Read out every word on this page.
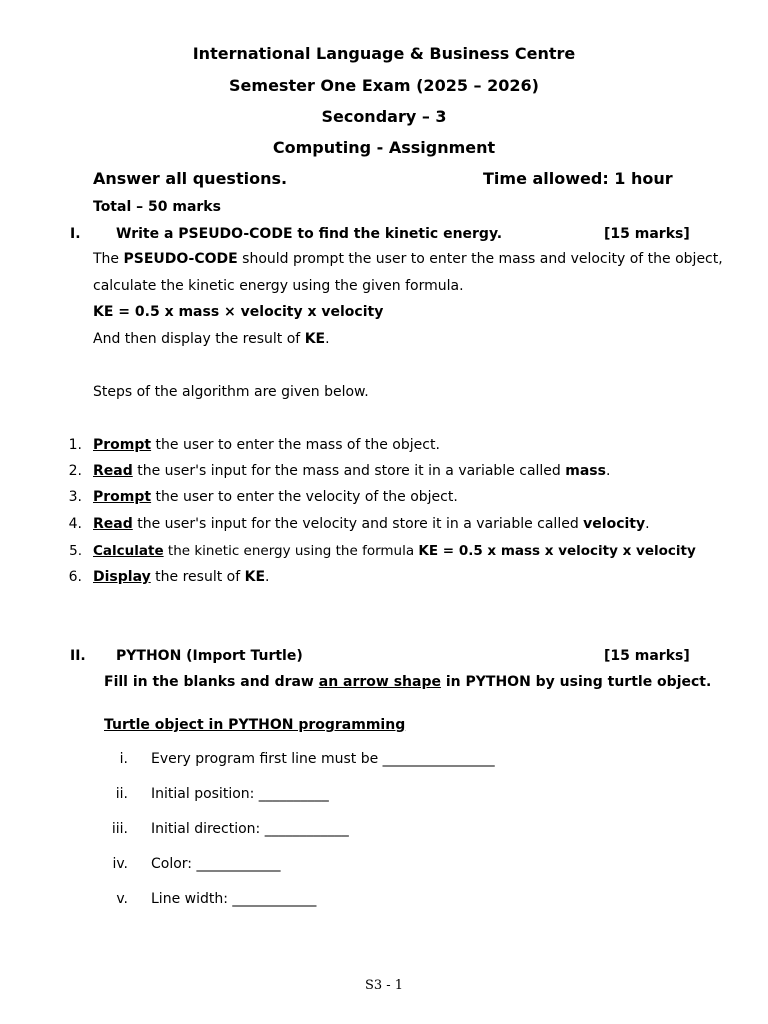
International Language & Business Centre
Semester One Exam (2025 – 2026)
Secondary – 3
Computing - Assignment
Answer all questions.	Time allowed: 1 hour
Total – 50 marks
I.	Write a PSEUDO-CODE to find the kinetic energy.	[15 marks]
The PSEUDO-CODE should prompt the user to enter the mass and velocity of the object,
calculate the kinetic energy using the given formula.
KE = 0.5 x mass × velocity x velocity
And then display the result of KE.
Steps of the algorithm are given below.
1. Prompt the user to enter the mass of the object.
2. Read the user's input for the mass and store it in a variable called mass.
3. Prompt the user to enter the velocity of the object.
4. Read the user's input for the velocity and store it in a variable called velocity.
5. Calculate the kinetic energy using the formula KE = 0.5 x mass x velocity x velocity
6. Display the result of KE.
II. PYTHON (Import Turtle)	[15 marks]
Fill in the blanks and draw an arrow shape in PYTHON by using turtle object.
Turtle object in PYTHON programming
i. Every program first line must be ________________
ii. Initial position: __________
iii. Initial direction: ____________
iv. Color: ____________
v. Line width: ____________
S3 - 1
